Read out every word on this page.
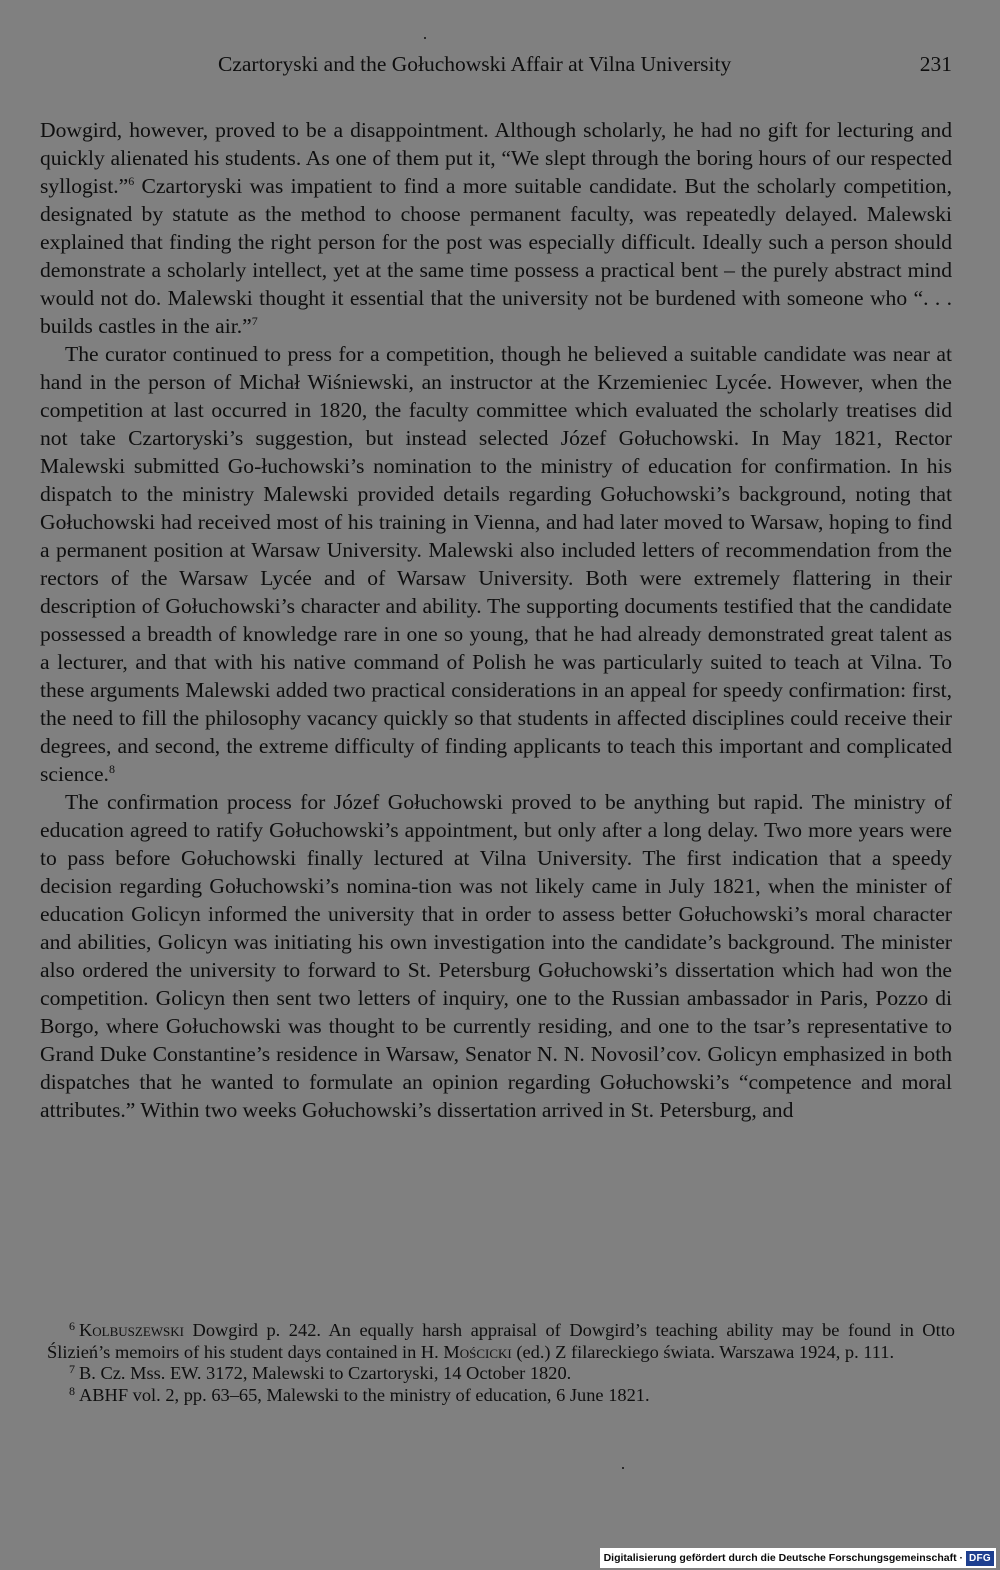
Czartoryski and the Gołuchowski Affair at Vilna University	231

Dowgird, however, proved to be a disappointment. Although scholarly, he had no gift for lecturing and quickly alienated his students. As one of them put it, “We slept through the boring hours of our respected syllogist.”$^6$ Czartoryski was impatient to find a more suitable candidate. But the scholarly competition, designated by statute as the method to choose permanent faculty, was repeatedly delayed. Malewski explained that finding the right person for the post was especially difficult. Ideally such a person should demonstrate a scholarly intellect, yet at the same time possess a practical bent – the purely abstract mind would not do. Malewski thought it essential that the university not be burdened with someone who “. . . builds castles in the air.”$^7$

The curator continued to press for a competition, though he believed a suitable candidate was near at hand in the person of Michał Wiśniewski, an instructor at the Krzemieniec Lycée. However, when the competition at last occurred in 1820, the faculty committee which evaluated the scholarly treatises did not take Czartoryski’s suggestion, but instead selected Józef Gołuchowski. In May 1821, Rector Malewski submitted Go-łuchowski’s nomination to the ministry of education for confirmation. In his dispatch to the ministry Malewski provided details regarding Gołuchowski’s background, noting that Gołuchowski had received most of his training in Vienna, and had later moved to Warsaw, hoping to find a permanent position at Warsaw University. Malewski also included letters of recommendation from the rectors of the Warsaw Lycée and of Warsaw University. Both were extremely flattering in their description of Gołuchowski’s character and ability. The supporting documents testified that the candidate possessed a breadth of knowledge rare in one so young, that he had already demonstrated great talent as a lecturer, and that with his native command of Polish he was particularly suited to teach at Vilna. To these arguments Malewski added two practical considerations in an appeal for speedy confirmation: first, the need to fill the philosophy vacancy quickly so that students in affected disciplines could receive their degrees, and second, the extreme difficulty of finding applicants to teach this important and complicated science.$^8$

The confirmation process for Józef Gołuchowski proved to be anything but rapid. The ministry of education agreed to ratify Gołuchowski’s appointment, but only after a long delay. Two more years were to pass before Gołuchowski finally lectured at Vilna University. The first indication that a speedy decision regarding Gołuchowski’s nomina-tion was not likely came in July 1821, when the minister of education Golicyn informed the university that in order to assess better Gołuchowski’s moral character and abilities, Golicyn was initiating his own investigation into the candidate’s background. The minister also ordered the university to forward to St. Petersburg Gołuchowski’s dissertation which had won the competition. Golicyn then sent two letters of inquiry, one to the Russian ambassador in Paris, Pozzo di Borgo, where Gołuchowski was thought to be currently residing, and one to the tsar’s representative to Grand Duke Constantine’s residence in Warsaw, Senator N. N. Novosil’cov. Golicyn emphasized in both dispatches that he wanted to formulate an opinion regarding Gołuchowski’s “competence and moral attributes.” Within two weeks Gołuchowski’s dissertation arrived in St. Petersburg, and

$^6$ Kolbuszewski Dowgird p. 242. An equally harsh appraisal of Dowgird’s teaching ability may be found in Otto Ślizień’s memoirs of his student days contained in H. Mościcki (ed.) Z filareckiego świata. Warszawa 1924, p. 111.

$^7$ B. Cz. Mss. EW. 3172, Malewski to Czartoryski, 14 October 1820.

$^8$ ABHF vol. 2, pp. 63–65, Malewski to the ministry of education, 6 June 1821.

Digitalisierung gefördert durch die Deutsche Forschungsgemeinschaft · DFG
